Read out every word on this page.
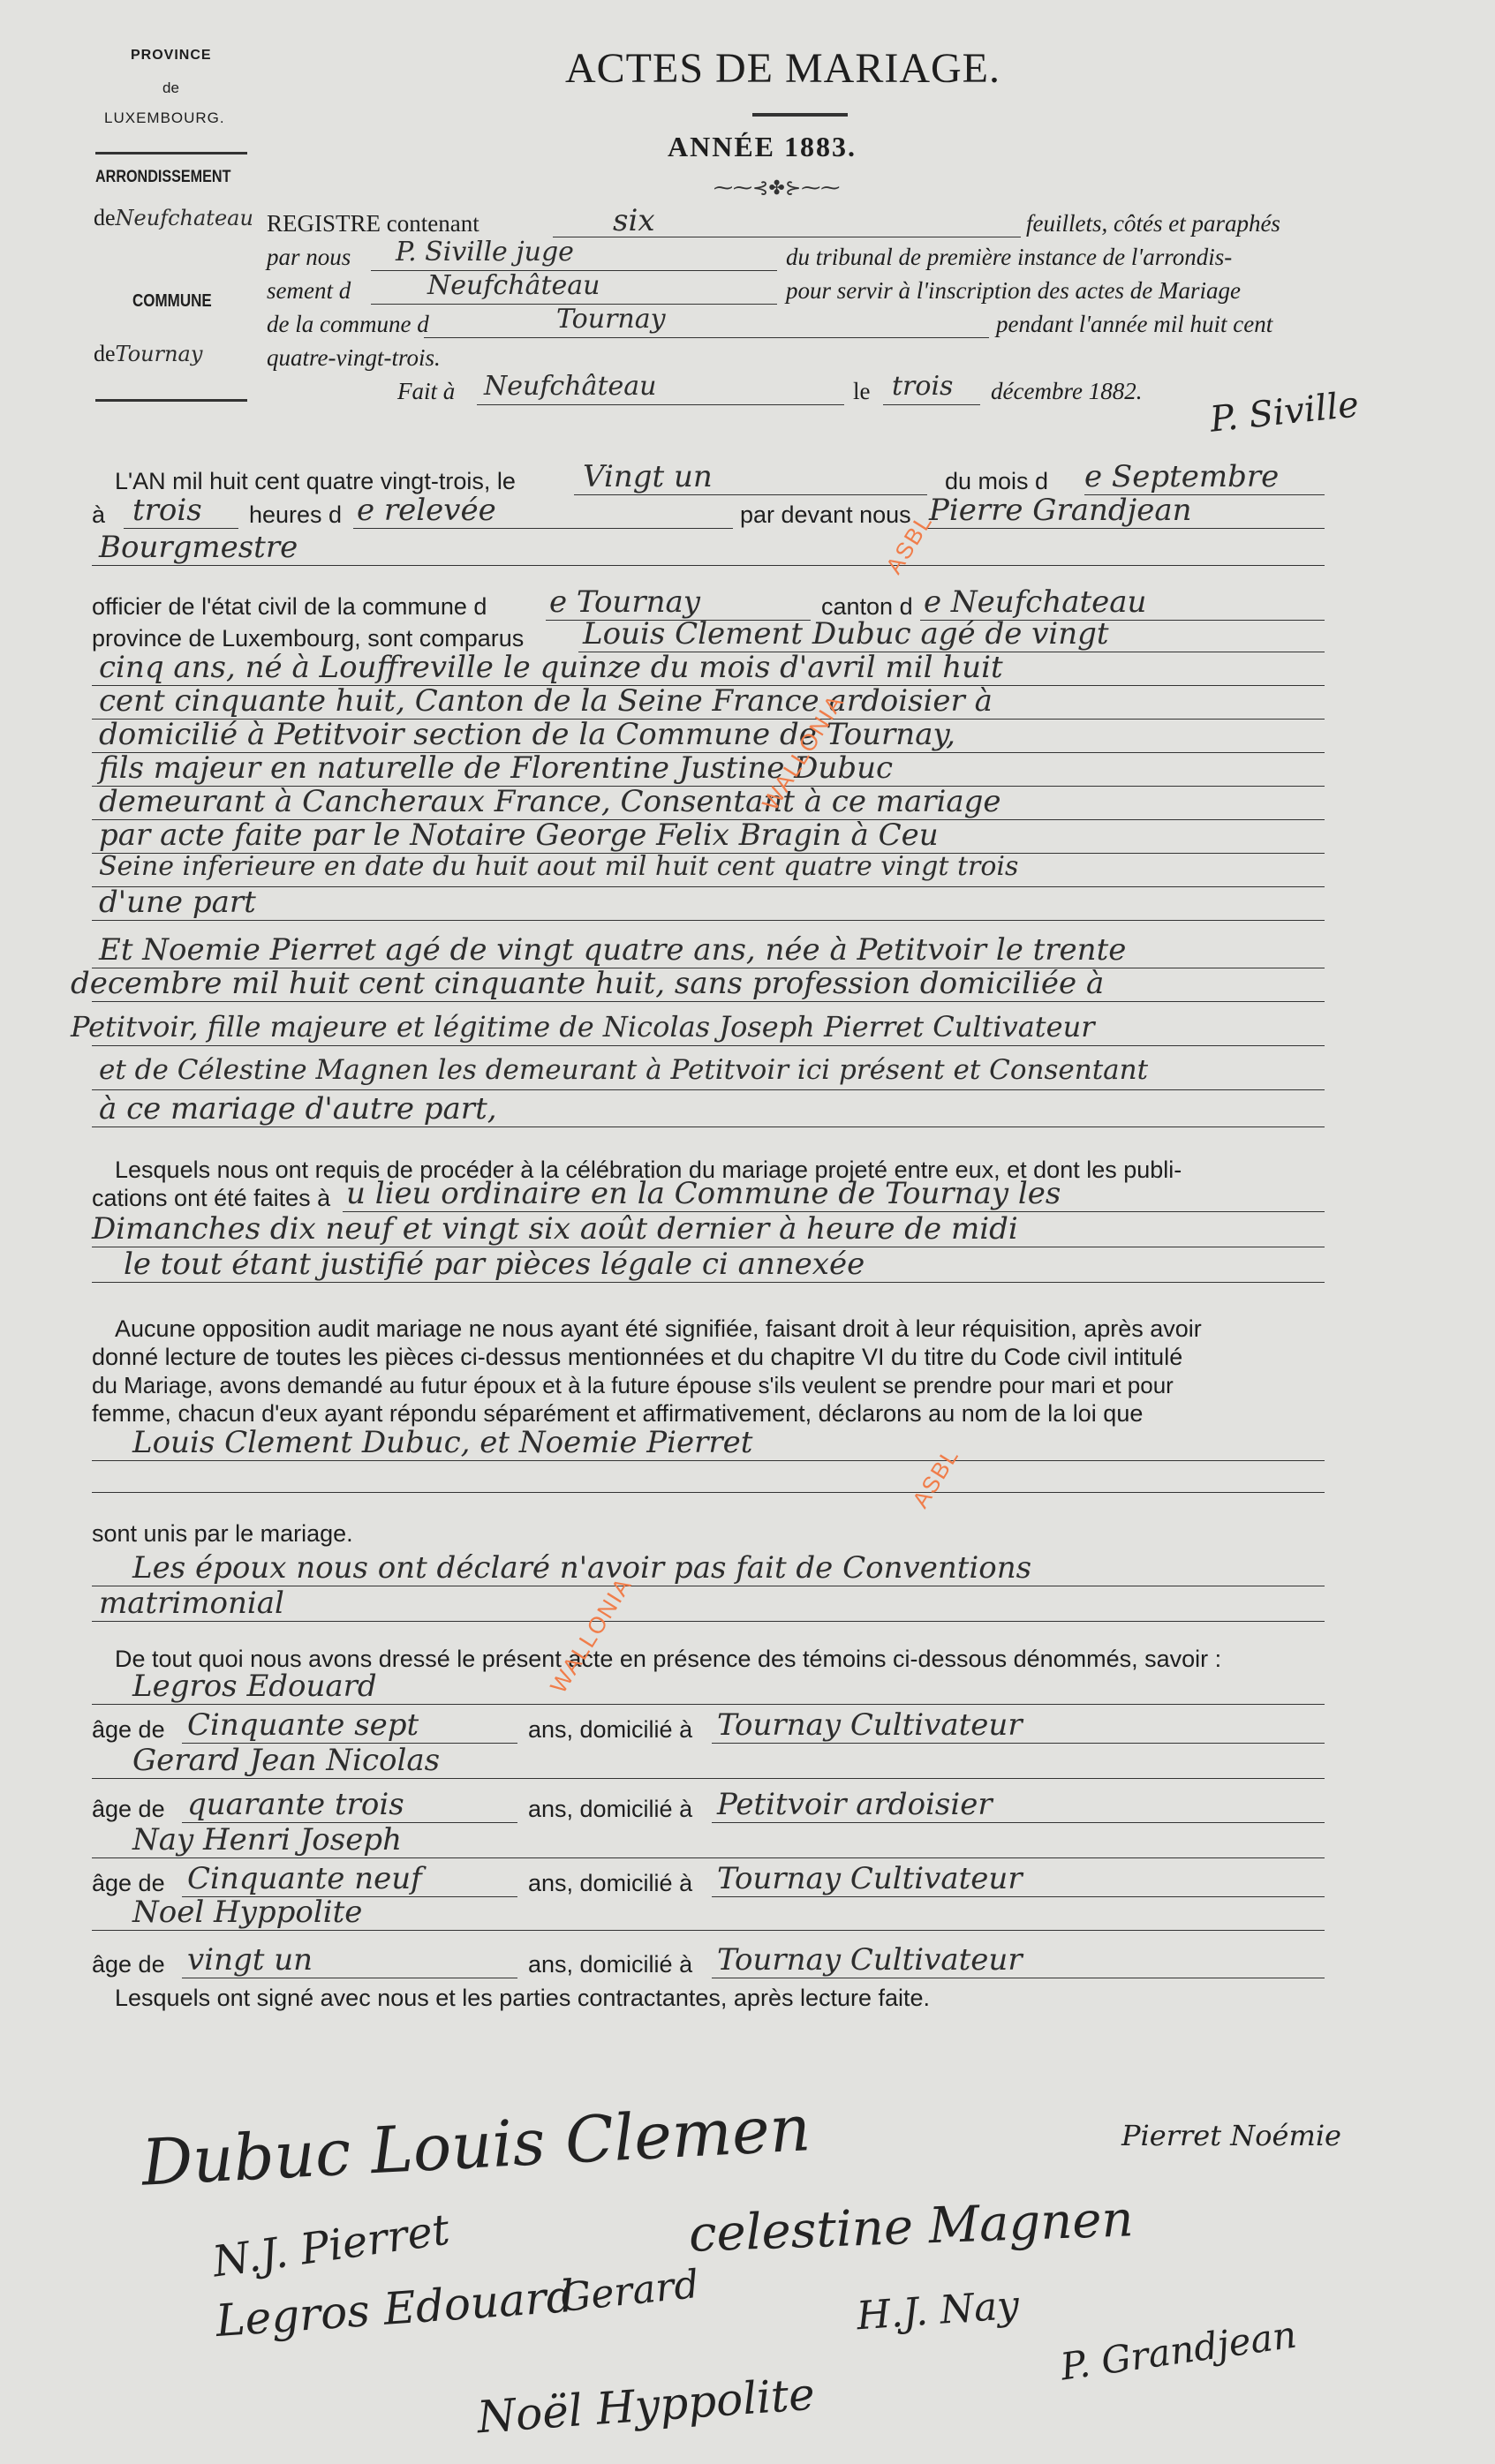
PROVINCE
de
LUXEMBOURG.
ARRONDISSEMENT
deNeufchateau
COMMUNE
deTournay
ACTES DE MARIAGE.
ANNÉE 1883.
⁓⁓⊰✤⊱⁓⁓
REGISTRE contenant	six	feuillets, côtés et paraphés
par nous P. Siville juge	du tribunal de première instance de l'arrondis-
sement d	Neufchâteau	pour servir à l'inscription des actes de Mariage
de la commune d	Tournay	pendant l'année mil huit cent
quatre-vingt-trois.
Fait à Neufchâteau	le trois décembre 1882. P. Siville
L'AN mil huit cent quatre vingt-trois, le Vingt un	du mois d e Septembre
à trois heures d e relevée	par devant nous Pierre Grandjean
Bourgmestre
officier de l'état civil de la commune d e Tournay	canton d e Neufchateau
province de Luxembourg, sont comparus Louis Clement Dubuc agé de vingt
cinq ans, né à Louffreville le quinze du mois d'avril mil huit
cent cinquante huit, Canton de la Seine France ardoisier à
domicilié à Petitvoir section de la Commune de Tournay,
fils majeur en naturelle de Florentine Justine Dubuc
demeurant à Cancheraux France, Consentant à ce mariage
par acte faite par le Notaire George Felix Bragin à Ceu
Seine inferieure en date du huit aout mil huit cent quatre vingt trois
d'une part
Et Noemie Pierret agé de vingt quatre ans, née à Petitvoir le trente
decembre mil huit cent cinquante huit, sans profession domiciliée à
Petitvoir, fille majeure et légitime de Nicolas Joseph Pierret Cultivateur
et de Célestine Magnen les demeurant à Petitvoir ici présent et Consentant
à ce mariage d'autre part,
Lesquels nous ont requis de procéder à la célébration du mariage projeté entre eux, et dont les publi-
cations ont été faites à u lieu ordinaire en la Commune de Tournay les
Dimanches dix neuf et vingt six août dernier à heure de midi
le tout étant justifié par pièces légale ci annexée
Aucune opposition audit mariage ne nous ayant été signifiée, faisant droit à leur réquisition, après avoir
donné lecture de toutes les pièces ci-dessus mentionnées et du chapitre VI du titre du Code civil intitulé
du Mariage, avons demandé au futur époux et à la future épouse s'ils veulent se prendre pour mari et pour
femme, chacun d'eux ayant répondu séparément et affirmativement, déclarons au nom de la loi que
Louis Clement Dubuc, et Noemie Pierret
sont unis par le mariage.
Les époux nous ont déclaré n'avoir pas fait de Conventions
matrimonial
De tout quoi nous avons dressé le présent acte en présence des témoins ci-dessous dénommés, savoir :
Legros Edouard
âge de Cinquante sept	ans, domicilié à Tournay Cultivateur
Gerard Jean Nicolas
âge de quarante trois	ans, domicilié à Petitvoir ardoisier
Nay Henri Joseph
âge de Cinquante neuf	ans, domicilié à Tournay Cultivateur
Noel Hyppolite
âge de vingt un	ans, domicilié à Tournay Cultivateur
Lesquels ont signé avec nous et les parties contractantes, après lecture faite.
Dubuc Louis Clemen	Pierret Noémie
N.J. Pierret	celestine Magnen
Legros Edouard
Gerard	H.J. Nay
P. Grandjean
Noël Hyppolite
ASBL
WALLONIA
ASBL
WALLONIA
